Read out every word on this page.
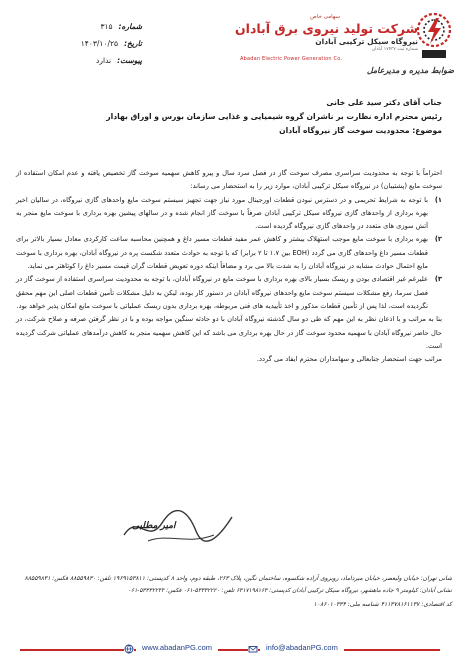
شماره:
۳۱۵
تاریخ:
۱۴۰۳/۱۰/۲۵
پیوست:
ندارد
سهامی خاص
شرکت تولید نیروی برق آبادان
نیروگاه سیکل ترکیبی آبادان
شماره ثبت ۱۷۴۳۷ آبادان
Abadan Electric Power Generation Co.
ضوابط مدیره و مدیرعامل
جناب آقای دکتر سید علی خانی
رئیس محترم اداره نظارت بر ناشران گروه شیمیایی و غذایی سازمان بورس و اوراق بهادار
موضوع: محدودیت سوخت گاز نیروگاه آبادان

احتراماً با توجه به محدودیت سراسری مصرف سوخت گاز در فصل سرد سال و پیرو کاهش سهمیه سوخت گاز تخصیص یافته و عدم امکان استفاده از سوخت مایع (پشتیبان) در نیروگاه سیکل ترکیبی آبادان، موارد زیر را به استحضار می رساند:

۱)
با توجه به شرایط تحریمی و در دسترس نبودن قطعات اورجینال مورد نیاز جهت تجهیز سیستم سوخت مایع واحدهای گازی نیروگاه، در سالیان اخیر بهره برداری از واحدهای گازی نیروگاه سیکل ترکیبی آبادان صرفاً با سوخت گاز انجام شده و در سالهای پیشین بهره برداری با سوخت مایع منجر به آتش سوزی های متعدد در واحدهای گازی نیروگاه گردیده است.
۲)
بهره برداری با سوخت مایع موجب استهلاک بیشتر و کاهش عمر مفید قطعات مسیر داغ و همچنین محاسبه ساعت کارکردی معادل بسیار بالاتر برای قطعات مسیر داغ واحدهای گازی می گردد (EOH بین ۱.۷ تا ۲ برابر) که با توجه به حوادث متعدد شکست پره در نیروگاه آبادان، بهره برداری با سوخت مایع احتمال حوادث مشابه در نیروگاه آبادان را به شدت بالا می برد و مضافاً اینکه دوره تعویض قطعات گران قیمت مسیر داغ را کوتاهتر می نماید.
۳)
علیرغم غیر اقتصادی بودن و ریسک بسیار بالای بهره برداری با سوخت مایع در نیروگاه آبادان، با توجه به محدودیت سراسری استفاده از سوخت گاز در فصل سرما، رفع مشکلات سیستم سوخت مایع واحدهای نیروگاه آبادان در دستور کار بوده، لیکن به دلیل مشکلات تأمین قطعات اصلی این مهم محقق نگردیده است، لذا پس از تأمین قطعات مذکور و اخذ تأییدیه های فنی مربوطه، بهره برداری بدون ریسک عملیاتی با سوخت مایع امکان پذیر خواهد بود.

بنا به مراتب و با اذعان نظر به این مهم که طی دو سال گذشته نیروگاه آبادان با دو حادثه سنگین مواجه بوده و با در نظر گرفتن صرفه و صلاح شرکت، در حال حاضر نیروگاه آبادان با سهمیه محدود سوخت گاز در حال بهره برداری می باشد که این کاهش سهمیه منجر به کاهش درآمدهای عملیاتی شرکت گردیده است.

مراتب جهت استحضار جنابعالی و سهامداران محترم ایفاد می گردد.

امیر مطلبی
شانی تهران: خیابان ولیعصر، خیابان میرداماد، روبروی آزاده شکسوه، ساختمان نگین، پلاک ۲۶۳، طبقه دوم، واحد ۸ کدپستی: ۱۹۶۹۱۵۳۸۱۱ تلفن: ۸۸۵۵۹۸۳۰ فکس: ۸۸۵۵۹۸۳۱
نشانی آبادان: کیلومتر ۹ جاده ماهشهر، نیروگاه سیکل ترکیبی آبادان کدپستی: ۶۳۱۷۱۹۸۱۶۳ تلفن: ۵۳۳۳۲۲۲۰-۰۶۱ فکس: ۵۳۳۳۲۲۴۴-۰۶۱
کد اقتصادی: ۴۱۱۳۷۸۱۶۱۱۳۷ شناسه ملی: ۱۰۸۶۰۱۰۳۳۴
www.abadanPG.com	info@abadanPG.com
